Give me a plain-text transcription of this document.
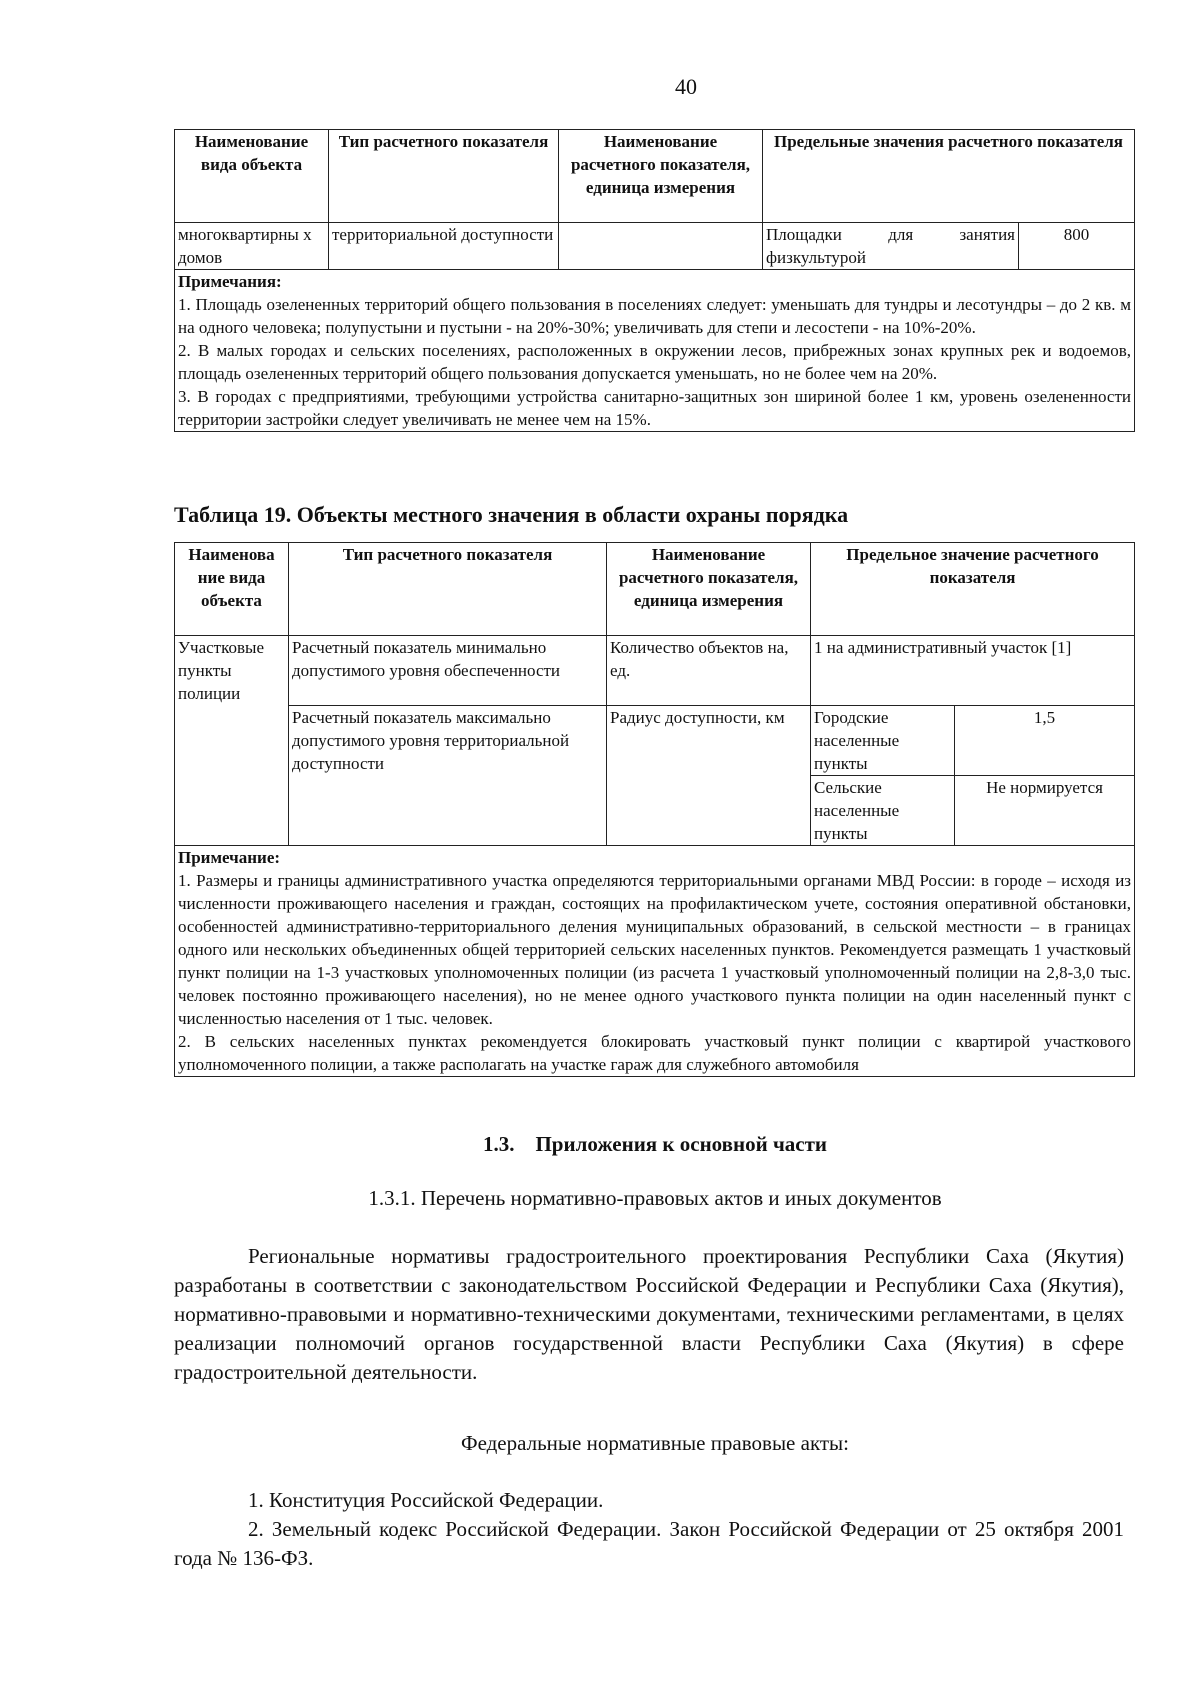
40
Наименование вида объекта	Тип расчетного показателя	Наименование расчетного показателя, единица измерения	Предельные значения расчетного показателя	
многоквартирны х домов	территориальной доступности		Площадки для занятия физкультурой	800

Примечания:
1. Площадь озелененных территорий общего пользования в поселениях следует: уменьшать для тундры и лесотундры – до 2 кв. м на одного человека; полупустыни и пустыни - на 20%-30%; увеличивать для степи и лесостепи - на 10%-20%.
2. В малых городах и сельских поселениях, расположенных в окружении лесов, прибрежных зонах крупных рек и водоемов, площадь озелененных территорий общего пользования допускается уменьшать, но не более чем на 20%.
3. В городах с предприятиями, требующими устройства санитарно-защитных зон шириной более 1 км, уровень озелененности территории застройки следует увеличивать не менее чем на 15%.				
Таблица 19. Объекты местного значения в области охраны порядка
Наименова ние вида объекта	Тип расчетного показателя	Наименование расчетного показателя, единица измерения	Предельное значение расчетного показателя	
Участковые пункты полиции	Расчетный показатель минимально допустимого уровня обеспеченности	Количество объектов на, ед.	1 на административный участок [1]	
	Расчетный показатель максимально допустимого уровня территориальной доступности	Радиус доступности, км	Городские населенные пункты	1,5
			Сельские населенные пункты	Не нормируется

Примечание:
1. Размеры и границы административного участка определяются территориальными органами МВД России: в городе – исходя из численности проживающего населения и граждан, состоящих на профилактическом учете, состояния оперативной обстановки, особенностей административно-территориального деления муниципальных образований, в сельской местности – в границах одного или нескольких объединенных общей территорией сельских населенных пунктов. Рекомендуется размещать 1 участковый пункт полиции на 1-3 участковых уполномоченных полиции (из расчета 1 участковый уполномоченный полиции на 2,8-3,0 тыс. человек постоянно проживающего населения), но не менее одного участкового пункта полиции на один населенный пункт с численностью населения от 1 тыс. человек.
2. В сельских населенных пунктах рекомендуется блокировать участковый пункт полиции с квартирой участкового уполномоченного полиции, а также располагать на участке гараж для служебного автомобиля				
1.3. Приложения к основной части
1.3.1. Перечень нормативно-правовых актов и иных документов
Региональные нормативы градостроительного проектирования Республики Саха (Якутия) разработаны в соответствии с законодательством Российской Федерации и Республики Саха (Якутия), нормативно-правовыми и нормативно-техническими документами, техническими регламентами, в целях реализации полномочий органов государственной власти Республики Саха (Якутия) в сфере градостроительной деятельности.
Федеральные нормативные правовые акты:
1. Конституция Российской Федерации.
2. Земельный кодекс Российской Федерации. Закон Российской Федерации от 25 октября 2001 года № 136-ФЗ.
